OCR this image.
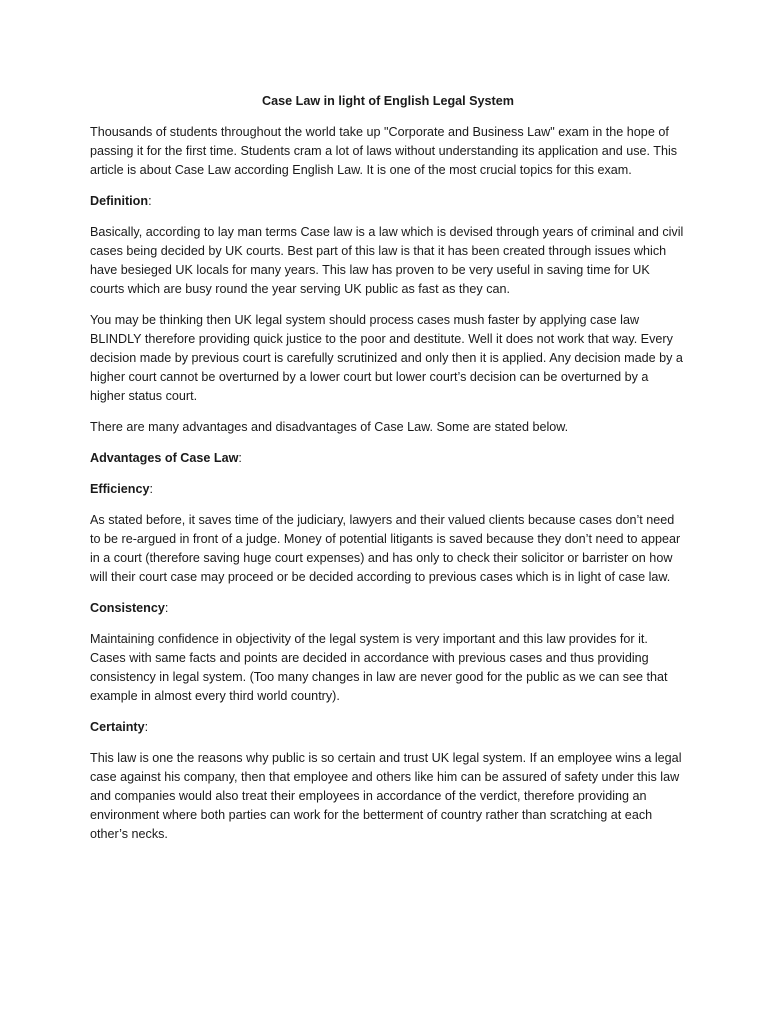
Case Law in light of English Legal System

Thousands of students throughout the world take up "Corporate and Business Law" exam in the hope of passing it for the first time. Students cram a lot of laws without understanding its application and use. This article is about Case Law according English Law. It is one of the most crucial topics for this exam.

Definition:

Basically, according to lay man terms Case law is a law which is devised through years of criminal and civil cases being decided by UK courts. Best part of this law is that it has been created through issues which have besieged UK locals for many years. This law has proven to be very useful in saving time for UK courts which are busy round the year serving UK public as fast as they can.

You may be thinking then UK legal system should process cases mush faster by applying case law BLINDLY therefore providing quick justice to the poor and destitute. Well it does not work that way. Every decision made by previous court is carefully scrutinized and only then it is applied. Any decision made by a higher court cannot be overturned by a lower court but lower court’s decision can be overturned by a higher status court.

There are many advantages and disadvantages of Case Law. Some are stated below.

Advantages of Case Law:
Efficiency:

As stated before, it saves time of the judiciary, lawyers and their valued clients because cases don’t need to be re-argued in front of a judge. Money of potential litigants is saved because they don’t need to appear in a court (therefore saving huge court expenses) and has only to check their solicitor or barrister on how will their court case may proceed or be decided according to previous cases which is in light of case law.

Consistency:

Maintaining confidence in objectivity of the legal system is very important and this law provides for it. Cases with same facts and points are decided in accordance with previous cases and thus providing consistency in legal system. (Too many changes in law are never good for the public as we can see that example in almost every third world country).

Certainty:

This law is one the reasons why public is so certain and trust UK legal system. If an employee wins a legal case against his company, then that employee and others like him can be assured of safety under this law and companies would also treat their employees in accordance of the verdict, therefore providing an environment where both parties can work for the betterment of country rather than scratching at each other’s necks.
